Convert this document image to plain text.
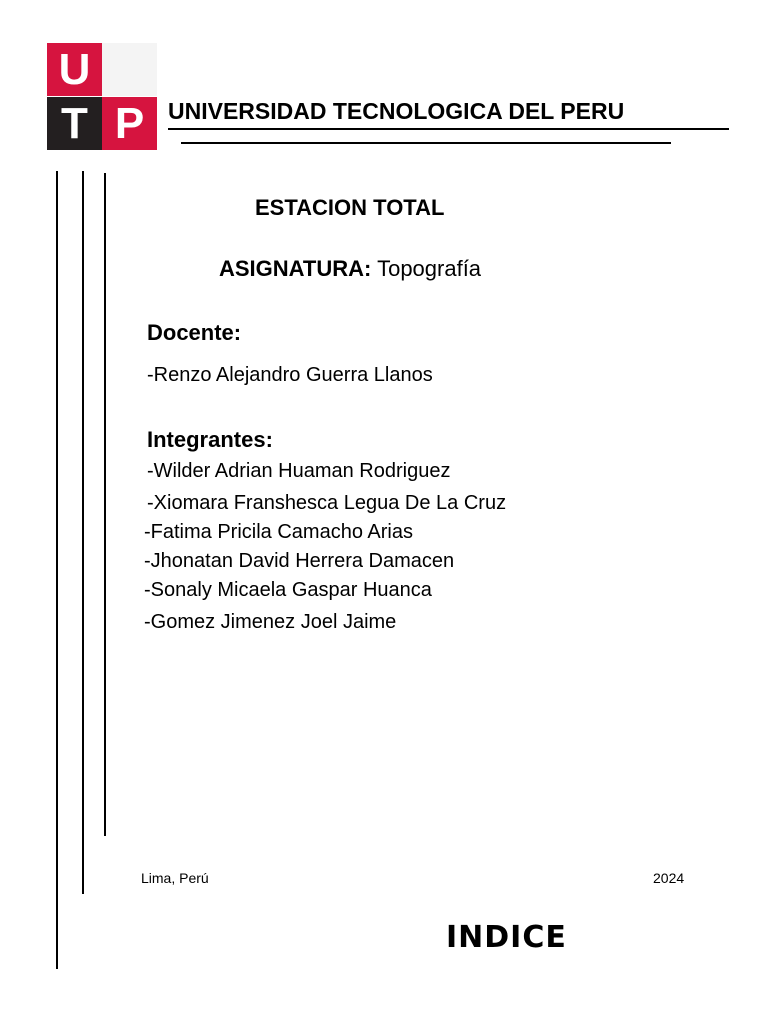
U
T P	UNIVERSIDAD TECNOLOGICA DEL PERU
ESTACION TOTAL
ASIGNATURA: Topografía
Docente:
-Renzo Alejandro Guerra Llanos
Integrantes:
-Wilder Adrian Huaman Rodriguez
-Xiomara Franshesca Legua De La Cruz
-Fatima Pricila Camacho Arias
-Jhonatan David Herrera Damacen
-Sonaly Micaela Gaspar Huanca
-Gomez Jimenez Joel Jaime
Lima, Perú	2024
INDICE
